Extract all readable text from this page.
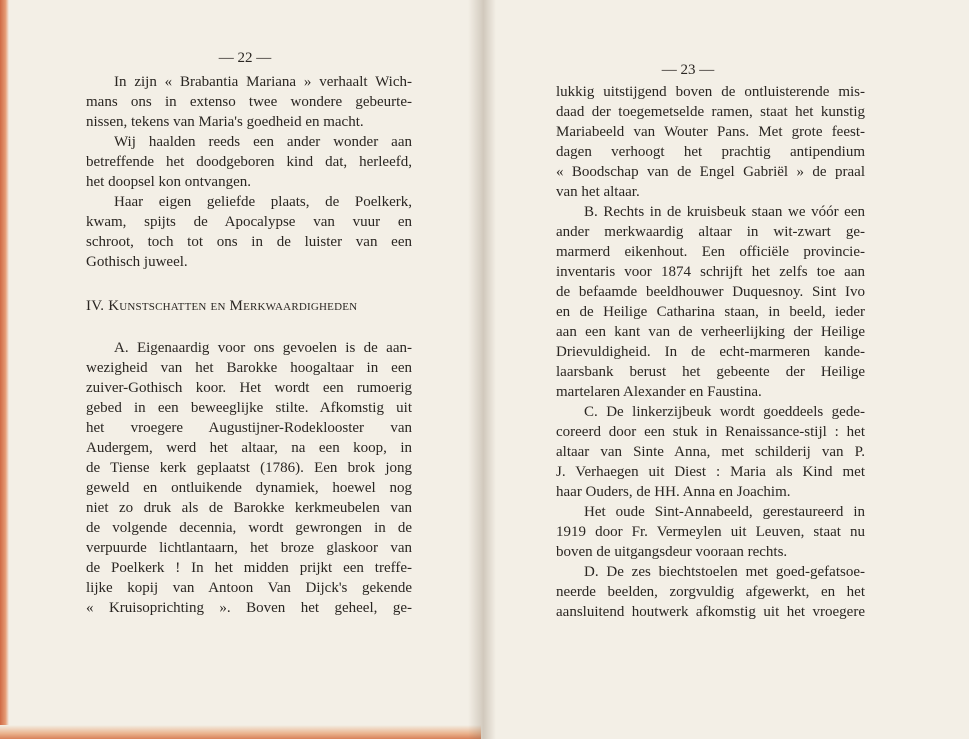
— 22 —
In zijn « Brabantia Mariana » verhaalt Wich-
mans ons in extenso twee wondere gebeurte-
nissen, tekens van Maria's goedheid en macht.
Wij haalden reeds een ander wonder aan
betreffende het doodgeboren kind dat, herleefd,
het doopsel kon ontvangen.
Haar eigen geliefde plaats, de Poelkerk,
kwam, spijts de Apocalypse van vuur en
schroot, toch tot ons in de luister van een
Gothisch juweel.
IV. Kunstschatten en Merkwaardigheden
A. Eigenaardig voor ons gevoelen is de aan-
wezigheid van het Barokke hoogaltaar in een
zuiver-Gothisch koor. Het wordt een rumoerig
gebed in een beweeglijke stilte. Afkomstig uit
het vroegere Augustijner-Rodeklooster van
Audergem, werd het altaar, na een koop, in
de Tiense kerk geplaatst (1786). Een brok jong
geweld en ontluikende dynamiek, hoewel nog
niet zo druk als de Barokke kerkmeubelen van
de volgende decennia, wordt gewrongen in de
verpuurde lichtlantaarn, het broze glaskoor van
de Poelkerk ! In het midden prijkt een treffe-
lijke kopij van Antoon Van Dijck's gekende
« Kruisoprichting ». Boven het geheel, ge-
— 23 —
lukkig uitstijgend boven de ontluisterende mis-
daad der toegemetselde ramen, staat het kunstig
Mariabeeld van Wouter Pans. Met grote feest-
dagen verhoogt het prachtig antipendium
« Boodschap van de Engel Gabriël » de praal
van het altaar.
B. Rechts in de kruisbeuk staan we vóór een
ander merkwaardig altaar in wit-zwart ge-
marmerd eikenhout. Een officiële provincie-
inventaris voor 1874 schrijft het zelfs toe aan
de befaamde beeldhouwer Duquesnoy. Sint Ivo
en de Heilige Catharina staan, in beeld, ieder
aan een kant van de verheerlijking der Heilige
Drievuldigheid. In de echt-marmeren kande-
laarsbank berust het gebeente der Heilige
martelaren Alexander en Faustina.
C. De linkerzijbeuk wordt goeddeels gede-
coreerd door een stuk in Renaissance-stijl : het
altaar van Sinte Anna, met schilderij van P.
J. Verhaegen uit Diest : Maria als Kind met
haar Ouders, de HH. Anna en Joachim.
Het oude Sint-Annabeeld, gerestaureerd in
1919 door Fr. Vermeylen uit Leuven, staat nu
boven de uitgangsdeur vooraan rechts.
D. De zes biechtstoelen met goed-gefatsoe-
neerde beelden, zorgvuldig afgewerkt, en het
aansluitend houtwerk afkomstig uit het vroegere
